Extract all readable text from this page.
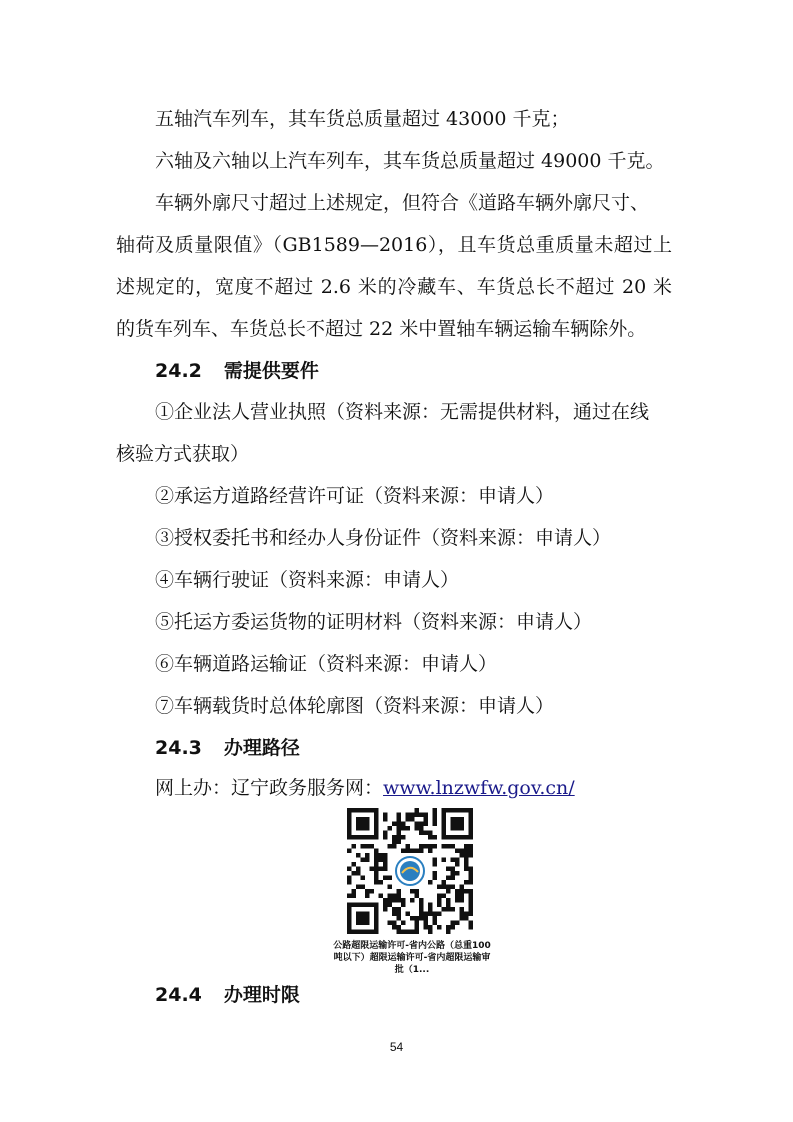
五轴汽车列车，其车货总质量超过 43000 千克；
六轴及六轴以上汽车列车，其车货总质量超过 49000 千克。
车辆外廓尺寸超过上述规定，但符合《道路车辆外廓尺寸、
轴荷及质量限值》（GB1589—2016），且车货总重质量未超过上
述规定的，宽度不超过 2.6 米的冷藏车、车货总长不超过 20 米
的货车列车、车货总长不超过 22 米中置轴车辆运输车辆除外。
24.2 需提供要件
①企业法人营业执照（资料来源：无需提供材料，通过在线
核验方式获取）
②承运方道路经营许可证（资料来源：申请人）
③授权委托书和经办人身份证件（资料来源：申请人）
④车辆行驶证（资料来源：申请人）
⑤托运方委运货物的证明材料（资料来源：申请人）
⑥车辆道路运输证（资料来源：申请人）
⑦车辆载货时总体轮廓图（资料来源：申请人）
24.3 办理路径
网上办：辽宁政务服务网：www.lnzwfw.gov.cn/
公路超限运输许可-省内公路（总重100吨以下）超限运输许可-省内超限运输审批（1...
24.4 办理时限
54
